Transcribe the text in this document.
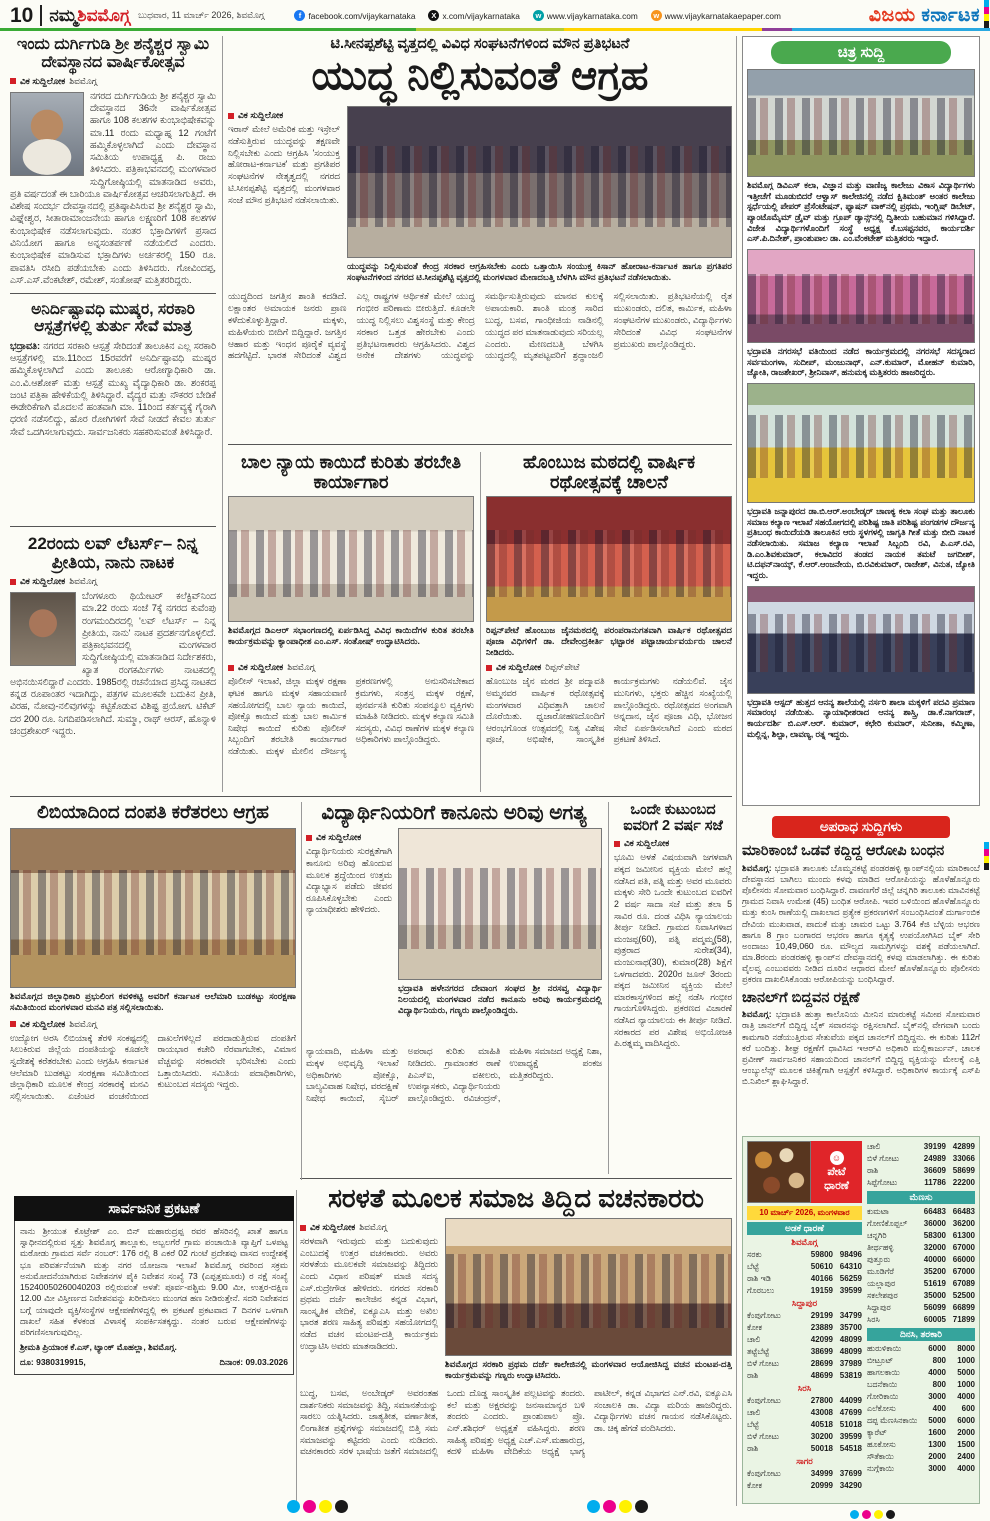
10 ನಮ್ಮಶಿವಮೊಗ್ಗ ಬುಧವಾರ, 11 ಮಾರ್ಚ್ 2026, ಶಿವಮೊಗ್ಗ	f facebook.com/vijaykarnataka	X x.com/vijaykarnataka	w www.vijaykarnataka.com	w www.vijaykarnatakaepaper.com	ವಿಜಯ ಕರ್ನಾಟಕ
ಇಂದು ದುರ್ಗಿಗುಡಿ ಶ್ರೀ ಶನೈಶ್ಚರ ಸ್ವಾಮಿ ದೇವಸ್ಥಾನದ ವಾರ್ಷಿಕೋತ್ಸವ
ವಿಕ ಸುದ್ದಿಲೋಕ ಶಿವಮೊಗ್ಗ
ನಗರದ ದುರ್ಗಿಗುಡಿಯ ಶ್ರೀ ಶನೈಶ್ಚರ ಸ್ವಾಮಿ ದೇವಸ್ಥಾನದ 36ನೇ ವಾರ್ಷಿಕೋತ್ಸವ ಹಾಗೂ 108 ಕಲಶಗಳ ಕುಂಭಾಭಿಷೇಕವನ್ನು ಮಾ.11 ರಂದು ಮಧ್ಯಾಹ್ನ 12 ಗಂಟೆಗೆ ಹಮ್ಮಿಕೊಳ್ಳಲಾಗಿದೆ ಎಂದು ದೇವಸ್ಥಾನ ಸಮಿತಿಯ ಉಪಾಧ್ಯಕ್ಷ ಪಿ. ರಾಜು ತಿಳಿಸಿದರು. ಪತ್ರಿಕಾಭವನದಲ್ಲಿ ಮಂಗಳವಾರ ಸುದ್ದಿಗೋಷ್ಠಿಯಲ್ಲಿ ಮಾತನಾಡಿದ ಅವರು, ಪ್ರತಿ ವರ್ಷದಂತೆ ಈ ಬಾರಿಯೂ ವಾರ್ಷಿಕೋತ್ಸವ ಆಚರಿಸಲಾಗುತ್ತಿದೆ. ಈ ವಿಶೇಷ ಸಂದರ್ಭ ದೇವಸ್ಥಾನದಲ್ಲಿ ಪ್ರತಿಷ್ಠಾಪಿಸಿರುವ ಶ್ರೀ ಶನೈಶ್ಚರ ಸ್ವಾಮಿ, ವಿಘ್ನೇಶ್ವರ, ಸೀತಾರಾಮಾಂಜನೇಯ ಹಾಗೂ ಲಕ್ಷ್ಮಣರಿಗೆ 108 ಕಲಶಗಳ ಕುಂಭಾಭಿಷೇಕ ನಡೆಸಲಾಗುವುದು. ನಂತರ ಭಕ್ತಾದಿಗಳಿಗೆ ಪ್ರಸಾದ ವಿನಿಯೋಗ ಹಾಗೂ ಅನ್ನಸಂತರ್ಪಣೆ ನಡೆಯಲಿದೆ ಎಂದರು. ಕುಂಭಾಭಿಷೇಕ ಮಾಡಿಸುವ ಭಕ್ತಾದಿಗಳು ಅರ್ಚಕರಲ್ಲಿ 150 ರೂ. ಪಾವತಿಸಿ ರಸೀದಿ ಪಡೆಯಬೇಕು ಎಂದು ತಿಳಿಸಿದರು. ಗೋವಿಂದಪ್ಪ, ಎಸ್.ಎಸ್.ವೆಂಕಟೇಶ್, ರಮೇಶ್, ಸಂತೋಷ್ ಮತ್ತಿತರರಿದ್ದರು.
ಅನಿರ್ದಿಷ್ಟಾವಧಿ ಮುಷ್ಕರ, ಸರಕಾರಿ ಆಸ್ಪತ್ರೆಗಳಲ್ಲಿ ತುರ್ತು ಸೇವೆ ಮಾತ್ರ
ಭದ್ರಾವತಿ: ನಗರದ ಸರಕಾರಿ ಆಸ್ಪತ್ರೆ ಸೇರಿದಂತೆ ತಾಲೂಕಿನ ಎಲ್ಲ ಸರಕಾರಿ ಆಸ್ಪತ್ರೆಗಳಲ್ಲಿ ಮಾ.11ರಿಂದ 15ರವರೆಗೆ ಅನಿರ್ದಿಷ್ಟಾವಧಿ ಮುಷ್ಕರ ಹಮ್ಮಿಕೊಳ್ಳಲಾಗಿದೆ ಎಂದು ತಾಲೂಕು ಆರೋಗ್ಯಾಧಿಕಾರಿ ಡಾ. ಎಂ.ವಿ.ಆಶೋಕ್ ಮತ್ತು ಆಸ್ಪತ್ರೆ ಮುಖ್ಯ ವೈದ್ಯಾಧಿಕಾರಿ ಡಾ. ಶಂಕರಪ್ಪ ಜಂಟಿ ಪತ್ರಿಕಾ ಹೇಳಿಕೆಯಲ್ಲಿ ತಿಳಿಸಿದ್ದಾರೆ. ವೈದ್ಯರ ಮತ್ತು ನೌಕರರ ಬೇಡಿಕೆ ಈಡೇರಿಕೆಗಾಗಿ ಮೊದಲನೆ ಹಂತವಾಗಿ ಮಾ. 11ರಿಂದ ಕರ್ತವ್ಯಕ್ಕೆ ಗೈರಾಗಿ ಧರಣಿ ನಡೆಸಲಿದ್ದು, ಹೊರ ರೋಗಿಗಳಿಗೆ ಸೇವೆ ನೀಡದೆ ಕೇವಲ ತುರ್ತು ಸೇವೆ ಒದಗಿಸಲಾಗುವುದು. ಸಾರ್ವಜನಿಕರು ಸಹಕರಿಸುವಂತೆ ತಿಳಿಸಿದ್ದಾರೆ.
22ರಂದು ಲವ್ ಲೆಟರ್ಸ್– ನಿನ್ನ ಪ್ರೀತಿಯ, ನಾನು ನಾಟಕ
ವಿಕ ಸುದ್ದಿಲೋಕ ಶಿವಮೊಗ್ಗ
ಬೆಂಗಳೂರು ಥಿಯೇಟರ್ ಕಲೆಕ್ಟಿವ್‌ನಿಂದ ಮಾ.22 ರಂದು ಸಂಜೆ 7ಕ್ಕೆ ನಗರದ ಕುವೆಂಪು ರಂಗಮಂದಿರದಲ್ಲಿ 'ಲವ್ ಲೆಟರ್ಸ್ – ನಿನ್ನ ಪ್ರೀತಿಯ, ನಾನು' ನಾಟಕ ಪ್ರದರ್ಶನಗೊಳ್ಳಲಿದೆ. ಪತ್ರಿಕಾಭವನದಲ್ಲಿ ಮಂಗಳವಾರ ಸುದ್ದಿಗೋಷ್ಠಿಯಲ್ಲಿ ಮಾತನಾಡಿದ ನಿರ್ದೇಶಕರು, ಖ್ಯಾತ ರಂಗಕರ್ಮಿಗಳು ನಾಟಕದಲ್ಲಿ ಅಭಿನಯಿಸಲಿದ್ದಾರೆ ಎಂದರು. 1985ರಲ್ಲಿ ರಚನೆಯಾದ ಪ್ರಸಿದ್ಧ ನಾಟಕದ ಕನ್ನಡ ರೂಪಾಂತರ ಇದಾಗಿದ್ದು, ಪತ್ರಗಳ ಮೂಲಕವೇ ಬದುಕಿನ ಪ್ರೀತಿ, ವಿರಹ, ನೋವು-ನಲಿವುಗಳನ್ನು ಕಟ್ಟಿಕೊಡುವ ವಿಶಿಷ್ಟ ಪ್ರಯೋಗ. ಟಿಕೆಟ್ ದರ 200 ರೂ. ನಿಗದಿಪಡಿಸಲಾಗಿದೆ. ಸುಮ್ಮಾ, ರಾಥ್ ಆರಸ್, ಹೊನ್ನಾಳಿ ಚಂದ್ರಶೇಖರ್ ಇದ್ದರು.
ಟಿ.ಸೀನಪ್ಪಶೆಟ್ಟಿ ವೃತ್ತದಲ್ಲಿ ವಿವಿಧ ಸಂಘಟನೆಗಳಿಂದ ಮೌನ ಪ್ರತಿಭಟನೆ
ಯುದ್ಧ ನಿಲ್ಲಿಸುವಂತೆ ಆಗ್ರಹ
ವಿಕ ಸುದ್ದಿಲೋಕ
ಇರಾನ್ ಮೇಲೆ ಅಮೆರಿಕ ಮತ್ತು ಇಸ್ರೇಲ್ ನಡೆಸುತ್ತಿರುವ ಯುದ್ಧವನ್ನು ತಕ್ಷಣವೇ ನಿಲ್ಲಿಸಬೇಕು ಎಂದು ಆಗ್ರಹಿಸಿ 'ಸಂಯುಕ್ತ ಹೋರಾಟ-ಕರ್ನಾಟಕ' ಮತ್ತು ಪ್ರಗತಿಪರ ಸಂಘಟನೆಗಳ ನೇತೃತ್ವದಲ್ಲಿ ನಗರದ ಟಿ.ಸೀನಪ್ಪಶೆಟ್ಟಿ ವೃತ್ತದಲ್ಲಿ ಮಂಗಳವಾರ ಸಂಜೆ ಮೌನ ಪ್ರತಿಭಟನೆ ನಡೆಸಲಾಯಿತು.
ಯುದ್ಧವನ್ನು ನಿಲ್ಲಿಸುವಂತೆ ಕೇಂದ್ರ ಸರಕಾರ ಆಗ್ರಹಿಸಬೇಕು ಎಂದು ಒತ್ತಾಯಿಸಿ ಸಂಯುಕ್ತ ಕಿಸಾನ್ ಹೋರಾಟ-ಕರ್ನಾಟಕ ಹಾಗೂ ಪ್ರಗತಿಪರ ಸಂಘಟನೆಗಳಿಂದ ನಗರದ ಟಿ.ಸೀನಪ್ಪಶೆಟ್ಟಿ ವೃತ್ತದಲ್ಲಿ ಮಂಗಳವಾರ ಮೇಣದಬತ್ತಿ ಬೆಳಗಿಸಿ ಮೌನ ಪ್ರತಿಭಟನೆ ನಡೆಸಲಾಯಿತು.
ಯುದ್ಧದಿಂದ ಜಗತ್ತಿನ ಶಾಂತಿ ಕದಡಿದೆ. ಲಕ್ಷಾಂತರ ಅಮಾಯಕ ಜನರು ಪ್ರಾಣ ಕಳೆದುಕೊಳ್ಳುತ್ತಿದ್ದಾರೆ. ಮಕ್ಕಳು, ಮಹಿಳೆಯರು ಬೀದಿಗೆ ಬಿದ್ದಿದ್ದಾರೆ. ಜಗತ್ತಿನ ಆಹಾರ ಮತ್ತು ಇಂಧನ ಪೂರೈಕೆ ವ್ಯವಸ್ಥೆ ಹದಗೆಟ್ಟಿದೆ. ಭಾರತ ಸೇರಿದಂತೆ ವಿಶ್ವದ ಎಲ್ಲ ರಾಷ್ಟ್ರಗಳ ಆರ್ಥಿಕತೆ ಮೇಲೆ ಯುದ್ಧ ಗಂಭೀರ ಪರಿಣಾಮ ಬೀರುತ್ತಿದೆ. ಕೂಡಲೇ ಯುದ್ಧ ನಿಲ್ಲಿಸಲು ವಿಶ್ವಸಂಸ್ಥೆ ಮತ್ತು ಕೇಂದ್ರ ಸರಕಾರ ಒತ್ತಡ ಹೇರಬೇಕು ಎಂದು ಪ್ರತಿಭಟನಾಕಾರರು ಆಗ್ರಹಿಸಿದರು. ವಿಶ್ವದ ಅನೇಕ ದೇಶಗಳು ಯುದ್ಧವನ್ನು ಸಮರ್ಥಿಸುತ್ತಿರುವುದು ಮಾನವ ಕುಲಕ್ಕೆ ಅಪಾಯಕಾರಿ. ಶಾಂತಿ ಮಂತ್ರ ಸಾರಿದ ಬುದ್ಧ, ಬಸವ, ಗಾಂಧೀಜಿಯ ನಾಡಿನಲ್ಲಿ ಯುದ್ಧದ ಪರ ಮಾತನಾಡುವುದು ಸರಿಯಲ್ಲ ಎಂದರು. ಮೇಣದಬತ್ತಿ ಬೆಳಗಿಸಿ ಯುದ್ಧದಲ್ಲಿ ಮೃತಪಟ್ಟವರಿಗೆ ಶ್ರದ್ಧಾಂಜಲಿ ಸಲ್ಲಿಸಲಾಯಿತು. ಪ್ರತಿಭಟನೆಯಲ್ಲಿ ರೈತ ಮುಖಂಡರು, ದಲಿತ, ಕಾರ್ಮಿಕ, ಮಹಿಳಾ ಸಂಘಟನೆಗಳ ಮುಖಂಡರು, ವಿದ್ಯಾರ್ಥಿಗಳು ಸೇರಿದಂತೆ ವಿವಿಧ ಸಂಘಟನೆಗಳ ಪ್ರಮುಖರು ಪಾಲ್ಗೊಂಡಿದ್ದರು.
ಬಾಲ ನ್ಯಾಯ ಕಾಯಿದೆ ಕುರಿತು ತರಬೇತಿ ಕಾರ್ಯಾಗಾರ
ಶಿವಮೊಗ್ಗದ ಡಿಎಆರ್ ಸಭಾಂಗಣದಲ್ಲಿ ಏರ್ಪಡಿಸಿದ್ದ ವಿವಿಧ ಕಾಯಿದೆಗಳ ಕುರಿತ ತರಬೇತಿ ಕಾರ್ಯಕ್ರಮವನ್ನು ಕ್ಯಾಂಪಾಧೀಶ ಎಂ.ಎಸ್. ಸಂತೋಷ್ ಉದ್ಘಾಟಿಸಿದರು.
ವಿಕ ಸುದ್ದಿಲೋಕ ಶಿವಮೊಗ್ಗ
ಪೊಲೀಸ್ ಇಲಾಖೆ, ಜಿಲ್ಲಾ ಮಕ್ಕಳ ರಕ್ಷಣಾ ಘಟಕ ಹಾಗೂ ಮಕ್ಕಳ ಸಹಾಯವಾಣಿ ಸಹಯೋಗದಲ್ಲಿ ಬಾಲ ನ್ಯಾಯ ಕಾಯಿದೆ, ಪೋಕ್ಸೊ ಕಾಯಿದೆ ಮತ್ತು ಬಾಲ ಕಾರ್ಮಿಕ ನಿಷೇಧ ಕಾಯಿದೆ ಕುರಿತು ಪೊಲೀಸ್ ಸಿಬ್ಬಂದಿಗೆ ತರಬೇತಿ ಕಾರ್ಯಾಗಾರ ನಡೆಯಿತು. ಮಕ್ಕಳ ಮೇಲಿನ ದೌರ್ಜನ್ಯ ಪ್ರಕರಣಗಳಲ್ಲಿ ಅನುಸರಿಸಬೇಕಾದ ಕ್ರಮಗಳು, ಸಂತ್ರಸ್ತ ಮಕ್ಕಳ ರಕ್ಷಣೆ, ಪುನರ್ವಸತಿ ಕುರಿತು ಸಂಪನ್ಮೂಲ ವ್ಯಕ್ತಿಗಳು ಮಾಹಿತಿ ನೀಡಿದರು. ಮಕ್ಕಳ ಕಲ್ಯಾಣ ಸಮಿತಿ ಸದಸ್ಯರು, ವಿವಿಧ ಠಾಣೆಗಳ ಮಕ್ಕಳ ಕಲ್ಯಾಣ ಅಧಿಕಾರಿಗಳು ಪಾಲ್ಗೊಂಡಿದ್ದರು.
ಹೊಂಬುಜ ಮಠದಲ್ಲಿ ವಾರ್ಷಿಕ ರಥೋತ್ಸವಕ್ಕೆ ಚಾಲನೆ
ರಿಪ್ಪನ್‌ಪೇಟೆ ಹೊಂಬುಜ ಜೈನಮಠದಲ್ಲಿ ಪರಂಪರಾನುಗತವಾಗಿ ವಾರ್ಷಿಕ ರಥೋತ್ಸವದ ಪೂಜಾ ವಿಧಿಗಳಿಗೆ ಡಾ. ದೇವೇಂದ್ರಕೀರ್ತಿ ಭಟ್ಟಾರಕ ಪಟ್ಟಾಚಾರ್ಯವರ್ಯರು ಚಾಲನೆ ನೀಡಿದರು.
ವಿಕ ಸುದ್ದಿಲೋಕ ರಿಪ್ಪನ್‌ಪೇಟೆ
ಹೊಂಬುಜ ಜೈನ ಮಠದ ಶ್ರೀ ಪದ್ಮಾವತಿ ಅಮ್ಮನವರ ವಾರ್ಷಿಕ ರಥೋತ್ಸವಕ್ಕೆ ಮಂಗಳವಾರ ವಿಧಿವತ್ತಾಗಿ ಚಾಲನೆ ದೊರೆಯಿತು. ಧ್ವಜಾರೋಹಣದೊಂದಿಗೆ ಆರಂಭಗೊಂಡ ಉತ್ಸವದಲ್ಲಿ ನಿತ್ಯ ವಿಶೇಷ ಪೂಜೆ, ಅಭಿಷೇಕ, ಸಾಂಸ್ಕೃತಿಕ ಕಾರ್ಯಕ್ರಮಗಳು ನಡೆಯಲಿವೆ. ಜೈನ ಮುನಿಗಳು, ಭಕ್ತರು ಹೆಚ್ಚಿನ ಸಂಖ್ಯೆಯಲ್ಲಿ ಪಾಲ್ಗೊಂಡಿದ್ದರು. ರಥೋತ್ಸವದ ಅಂಗವಾಗಿ ಅನ್ನದಾನ, ಜೈನ ಪೂಜಾ ವಿಧಿ, ಭೋಜನ ಸೇವೆ ಏರ್ಪಡಿಸಲಾಗಿದೆ ಎಂದು ಮಠದ ಪ್ರಕಟಣೆ ತಿಳಿಸಿದೆ.
ಲಿಬಿಯಾದಿಂದ ದಂಪತಿ ಕರೆತರಲು ಆಗ್ರಹ
ಶಿವಮೊಗ್ಗದ ಜಿಲ್ಲಾಧಿಕಾರಿ ಪ್ರಭುಲಿಂಗ ಕವಳಿಕಟ್ಟಿ ಅವರಿಗೆ ಕರ್ನಾಟಕ ಆಲೆಮಾರಿ ಬುಡಕಟ್ಟು ಸಂರಕ್ಷಣಾ ಸಮಿತಿಯಿಂದ ಮಂಗಳವಾರ ಮನವಿ ಪತ್ರ ಸಲ್ಲಿಸಲಾಯಿತು.
ವಿಕ ಸುದ್ದಿಲೋಕ ಶಿವಮೊಗ್ಗ
ಉದ್ಯೋಗ ಅರಸಿ ಲಿಬಿಯಾಕ್ಕೆ ತೆರಳಿ ಸಂಕಷ್ಟದಲ್ಲಿ ಸಿಲುಕಿರುವ ಜಿಲ್ಲೆಯ ದಂಪತಿಯನ್ನು ಕೂಡಲೇ ಸ್ವದೇಶಕ್ಕೆ ಕರೆತರಬೇಕು ಎಂದು ಆಗ್ರಹಿಸಿ ಕರ್ನಾಟಕ ಆಲೆಮಾರಿ ಬುಡಕಟ್ಟು ಸಂರಕ್ಷಣಾ ಸಮಿತಿಯಿಂದ ಜಿಲ್ಲಾಧಿಕಾರಿ ಮೂಲಕ ಕೇಂದ್ರ ಸರಕಾರಕ್ಕೆ ಮನವಿ ಸಲ್ಲಿಸಲಾಯಿತು. ಏಜೆಂಟರ ವಂಚನೆಯಿಂದ ದಾಖಲೆಗಳಿಲ್ಲದೆ ಪರದಾಡುತ್ತಿರುವ ದಂಪತಿಗೆ ರಾಯಭಾರ ಕಚೇರಿ ನೆರವಾಗಬೇಕು, ವಿಮಾನ ವೆಚ್ಚವನ್ನು ಸರಕಾರವೇ ಭರಿಸಬೇಕು ಎಂದು ಒತ್ತಾಯಿಸಿದರು. ಸಮಿತಿಯ ಪದಾಧಿಕಾರಿಗಳು, ಕುಟುಂಬದ ಸದಸ್ಯರು ಇದ್ದರು.
ಸಾರ್ವಜನಿಕ ಪ್ರಕಟಣೆ
ನಾನು ಶ್ರೀಯುತ ಕೊಟ್ರೇಶ್ ಎಂ. ಬಿನ್ ಮಹಾರುದ್ರಪ್ಪ ರವರ ಹೆಸರಿನಲ್ಲಿ ಖಾತೆ ಹಾಗೂ ಸ್ವಾಧೀನದಲ್ಲಿರುವ ಸ್ವತ್ತು ಶಿವಮೊಗ್ಗ ತಾಲ್ಲೂಕು, ಅಬ್ಬಲಗೆರೆ ಗ್ರಾಮ ಪಂಚಾಯಿತಿ ವ್ಯಾಪ್ತಿಗೆ ಒಳಪಟ್ಟ ಮಠೋಡು ಗ್ರಾಮದ ಸರ್ವೆ ನಂಬರ್: 176 ರಲ್ಲಿ 8 ಎಕರೆ 02 ಗುಂಟೆ ಪ್ರದೇಶವು ವಾಸದ ಉದ್ದೇಶಕ್ಕೆ ಭೂ ಪರಿವರ್ತನೆಯಾಗಿ ಮತ್ತು ನಗರ ಯೋಜನಾ ಇಲಾಖೆ ಶಿವಮೊಗ್ಗ ರವರಿಂದ ಸಕ್ರಮ ಅನುಮೋದನೆಯಾಗಿರುವ ನಿವೇಶನಗಳ ಪೈಕಿ ನಿವೇಶನ ಸಂಖ್ಯೆ 73 (ಎಪ್ಪತ್ತಮೂರು) ರ ನಕ್ಷೆ ಸಂಖ್ಯೆ 15240050260040203 ರಲ್ಲಿರುವಂತೆ ಅಳತೆ: ಪೂರ್ವ-ಪಶ್ಚಿಮ 9.00 ಮೀ, ಉತ್ತರ-ದಕ್ಷಿಣ 12.00 ಮೀ ವಿಸ್ತೀರ್ಣದ ನಿವೇಶನವನ್ನು ಖರೀದಿಸಲು ಮುಂಗಡ ಹಣ ನೀಡಿರುತ್ತೇನೆ. ಸದರಿ ನಿವೇಶನದ ಬಗ್ಗೆ ಯಾವುದೇ ವ್ಯಕ್ತಿ/ಸಂಸ್ಥೆಗಳ ಆಕ್ಷೇಪಣೆಗಳಿದ್ದಲ್ಲಿ ಈ ಪ್ರಕಟಣೆ ಪ್ರಕಟವಾದ 7 ದಿನಗಳ ಒಳಗಾಗಿ ದಾಖಲೆ ಸಹಿತ ಕೆಳಕಂಡ ವಿಳಾಸಕ್ಕೆ ಸಂಪರ್ಕಿಸತಕ್ಕದ್ದು. ನಂತರ ಬರುವ ಆಕ್ಷೇಪಣೆಗಳನ್ನು ಪರಿಗಣಿಸಲಾಗುವುದಿಲ್ಲ.
ಶ್ರೀಮತಿ ಪ್ರಿಯಾಂಕ ಕೆ.ಎಸ್, ಟ್ಯಾಂಕ್ ಮೊಹಲ್ಲಾ, ಶಿವಮೊಗ್ಗ.
ದೂ: 9380319915,	ದಿನಾಂಕ: 09.03.2026
ವಿದ್ಯಾರ್ಥಿನಿಯರಿಗೆ ಕಾನೂನು ಅರಿವು ಅಗತ್ಯ
ವಿಕ ಸುದ್ದಿಲೋಕ
ವಿದ್ಯಾರ್ಥಿನಿಯರು ಸುರಕ್ಷತೆಗಾಗಿ ಕಾನೂನು ಅರಿವು ಹೊಂದುವ ಮೂಲಕ ಶ್ರದ್ಧೆಯಿಂದ ಉತ್ತಮ ವಿದ್ಯಾಭ್ಯಾಸ ಪಡೆದು ಜೀವನ ರೂಪಿಸಿಕೊಳ್ಳಬೇಕು ಎಂದು ನ್ಯಾಯಾಧೀಶರು ಹೇಳಿದರು.
ಭದ್ರಾವತಿ ಹಳೇನಗರದ ದೇವಾಂಗ ಸಂಘದ ಶ್ರೀ ನರಸವ್ವ ವಿದ್ಯಾರ್ಥಿ ನಿಲಯದಲ್ಲಿ ಮಂಗಳವಾರ ನಡೆದ ಕಾನೂನು ಅರಿವು ಕಾರ್ಯಕ್ರಮದಲ್ಲಿ ವಿದ್ಯಾರ್ಥಿನಿಯರು, ಗಣ್ಯರು ಪಾಲ್ಗೊಂಡಿದ್ದರು.
ನ್ಯಾಯವಾದಿ, ಮಹಿಳಾ ಮತ್ತು ಮಕ್ಕಳ ಅಭಿವೃದ್ಧಿ ಇಲಾಖೆ ಅಧಿಕಾರಿಗಳು ಪೋಕ್ಸೊ, ಬಾಲ್ಯವಿವಾಹ ನಿಷೇಧ, ವರದಕ್ಷಿಣೆ ನಿಷೇಧ ಕಾಯಿದೆ, ಸೈಬರ್ ಅಪರಾಧ ಕುರಿತು ಮಾಹಿತಿ ನೀಡಿದರು. ಗ್ರಾಮಾಂತರ ಠಾಣೆ ಪಿಎಸ್‌ಐ, ವಕೀಲರು, ಉಪನ್ಯಾಸಕರು, ವಿದ್ಯಾರ್ಥಿನಿಯರು ಪಾಲ್ಗೊಂಡಿದ್ದರು. ರವಿಚಂದ್ರನ್, ಮಹಿಳಾ ಸಮಾಜದ ಅಧ್ಯಕ್ಷೆ ನಿಶಾ, ಉಪಾಧ್ಯಕ್ಷೆ ಪಂಕಜ ಮತ್ತಿತರರಿದ್ದರು.
ಒಂದೇ ಕುಟುಂಬದ ಐವರಿಗೆ 2 ವರ್ಷ ಸಜೆ
ವಿಕ ಸುದ್ದಿಲೋಕ
ಭೂಮಿ ಅಳತೆ ವಿಷಯವಾಗಿ ಜಗಳವಾಗಿ ಪಕ್ಕದ ಜಮೀನಿನ ವ್ಯಕ್ತಿಯ ಮೇಲೆ ಹಲ್ಲೆ ನಡೆಸಿದ ಪತಿ, ಪತ್ನಿ ಮತ್ತು ಅವರ ಮೂವರು ಮಕ್ಕಳು ಸೇರಿ ಒಂದೇ ಕುಟುಂಬದ ಐವರಿಗೆ 2 ವರ್ಷ ಸಾದಾ ಸಜೆ ಮತ್ತು ತಲಾ 5 ಸಾವಿರ ರೂ. ದಂಡ ವಿಧಿಸಿ ನ್ಯಾಯಾಲಯ ತೀರ್ಪು ನೀಡಿದೆ. ಗ್ರಾಮದ ನಿವಾಸಿಗಳಾದ ಮಂಜಪ್ಪ(60), ಪತ್ನಿ ಪದ್ಮಮ್ಮ(58), ಪುತ್ರರಾದ ಸುರೇಶ(34), ಮಂಜುನಾಥ(30), ಕುಮಾರ(28) ಶಿಕ್ಷೆಗೆ ಒಳಗಾದವರು. 2020ರ ಜೂನ್ 3ರಂದು ಪಕ್ಕದ ಜಮೀನಿನ ವ್ಯಕ್ತಿಯ ಮೇಲೆ ಮಾರಕಾಸ್ತ್ರಗಳಿಂದ ಹಲ್ಲೆ ನಡೆಸಿ ಗಂಭೀರ ಗಾಯಗೊಳಿಸಿದ್ದರು. ಪ್ರಕರಣದ ವಿಚಾರಣೆ ನಡೆಸಿದ ನ್ಯಾಯಾಲಯ ಈ ತೀರ್ಪು ನೀಡಿದೆ. ಸರಕಾರದ ಪರ ವಿಶೇಷ ಅಭಿಯೋಜಕಿ ಪಿ.ರತ್ನಮ್ಮ ವಾದಿಸಿದ್ದರು.
ಸರಳತೆ ಮೂಲಕ ಸಮಾಜ ತಿದ್ದಿದ ವಚನಕಾರರು
ವಿಕ ಸುದ್ದಿಲೋಕ ಶಿವಮೊಗ್ಗ
ಸರಳವಾಗಿ ಇರುವುದು ಮತ್ತು ಬದುಕುವುದು ಎಂಬುದಕ್ಕೆ ಉತ್ತರ ವಚನಕಾರರು. ಅವರು ಸರಳತೆಯ ಮೂಲಕವೇ ಸಮಾಜವನ್ನು ತಿದ್ದಿದರು ಎಂದು ವಿಧಾನ ಪರಿಷತ್ ಮಾಜಿ ಸದಸ್ಯ ಎಸ್.ರುದ್ರೇಗೌಡ ಹೇಳಿದರು. ನಗರದ ಸರಕಾರಿ ಪ್ರಥಮ ದರ್ಜೆ ಕಾಲೇಜಿನ ಕನ್ನಡ ವಿಭಾಗ, ಸಾಂಸ್ಕೃತಿಕ ವೇದಿಕೆ, ಐಕ್ಯೂಎಸಿ ಮತ್ತು ಅಖಿಲ ಭಾರತ ಶರಣ ಸಾಹಿತ್ಯ ಪರಿಷತ್ತು ಸಹಯೋಗದಲ್ಲಿ ನಡೆದ ವಚನ ಮಂಟಪ-ದತ್ತಿ ಕಾರ್ಯಕ್ರಮ ಉದ್ಘಾಟಿಸಿ ಅವರು ಮಾತನಾಡಿದರು.
ಶಿವಮೊಗ್ಗದ ಸರಕಾರಿ ಪ್ರಥಮ ದರ್ಜೆ ಕಾಲೇಜಿನಲ್ಲಿ ಮಂಗಳವಾರ ಆಯೋಜಿಸಿದ್ದ ವಚನ ಮಂಟಪ-ದತ್ತಿ ಕಾರ್ಯಕ್ರಮವನ್ನು ಗಣ್ಯರು ಉದ್ಘಾಟಿಸಿದರು.
ಬುದ್ಧ, ಬಸವ, ಅಂಬೇಡ್ಕರ್ ಅವರಂತಹ ದಾರ್ಶನಿಕರು ಸಮಾಜವನ್ನು ತಿದ್ದಿ, ಸಮಾನತೆಯನ್ನು ಸಾರಲು ಯತ್ನಿಸಿದರು. ಜಾತ್ಯತೀತ, ವರ್ಣಾತೀತ, ಲಿಂಗಾತೀತ ಪ್ರಶ್ನೆಗಳನ್ನು ಸಮಾಜದಲ್ಲಿ ಬಿತ್ತಿ ಸಮ ಸಮಾಜವನ್ನು ಕಟ್ಟಿದರು ಎಂದು ನುಡಿದರು. ವಚನಕಾರರು ಸರಳ ಭಾಷೆಯ ಜತೆಗೆ ಸಮಾಜದಲ್ಲಿ ಒಂದು ದೊಡ್ಡ ಸಾಂಸ್ಕೃತಿಕ ಪಲ್ಲಟವನ್ನು ತಂದರು. ಕಲೆ ಮತ್ತು ಅಕ್ಷರವನ್ನು ಜನಸಾಮಾನ್ಯರ ಬಳಿ ತಂದರು ಎಂದರು. ಪ್ರಾಂಶುಪಾಲ ಪ್ರೊ. ಎನ್.ಶಶಿಧರ್ ಅಧ್ಯಕ್ಷತೆ ವಹಿಸಿದ್ದರು. ಶರಣ ಸಾಹಿತ್ಯ ಪರಿಷತ್ತು ಅಧ್ಯಕ್ಷ ಎಚ್.ಎಸ್.ಮಹಾರುದ್ರ, ಕದಳಿ ಮಹಿಳಾ ವೇದಿಕೆಯ ಅಧ್ಯಕ್ಷೆ ಭಾಗ್ಯ ಪಾಟೀಲ್, ಕನ್ನಡ ವಿಭಾಗದ ಎನ್.ರವಿ, ಐಕ್ಯೂಎಸಿ ಸಂಚಾಲಕಿ ಡಾ. ವಿದ್ಯಾ ಮರಿಯ ಹಾಜರಿದ್ದರು. ವಿದ್ಯಾರ್ಥಿಗಳು ವಚನ ಗಾಯನ ನಡೆಸಿಕೊಟ್ಟರು. ಡಾ. ಚಿಕ್ಕ ಹೆಗಡೆ ವಂದಿಸಿದರು.
ಚಿತ್ರ ಸುದ್ದಿ
ಶಿವಮೊಗ್ಗ ಡಿವಿಎಸ್ ಕಲಾ, ವಿಜ್ಞಾನ ಮತ್ತು ವಾಣಿಜ್ಯ ಕಾಲೇಜು ವಿಕಾಸ ವಿದ್ಯಾರ್ಥಿಗಳು ಇತ್ತೀಚೆಗೆ ಮೂಡುಬಿದರೆ ಆಳ್ವಾಸ್ ಕಾಲೇಜಿನಲ್ಲಿ ನಡೆದ ಕ್ಷಿತಿಮಂತ್ ಅಂತರ ಕಾಲೇಜು ಸ್ಪರ್ಧೆಯಲ್ಲಿ ಪೇಪರ್ ಪ್ರೆಸೆಂಟೇಷನ್, ಫ್ಯಾಷನ್ ವಾಕ್‌ನಲ್ಲಿ ಪ್ರಥಮ, ಇಂಗ್ಲಿಷ್ ಡಿಬೇಟ್, ಪ್ಯಾಂಟೊಮೈಮ್ ಡ್ರೈವ್ ಮತ್ತು ಗ್ರೂಪ್ ಡ್ಯಾನ್ಸ್‌ನಲ್ಲಿ ದ್ವಿತೀಯ ಬಹುಮಾನ ಗಳಿಸಿದ್ದಾರೆ. ವಿಜೇತ ವಿದ್ಯಾರ್ಥಿಗಳೊಂದಿಗೆ ಸಂಸ್ಥೆ ಅಧ್ಯಕ್ಷ ಕೆ.ಬಸಪ್ಪನವರ, ಕಾರ್ಯದರ್ಶಿ ಎಸ್.ಪಿ.ದಿನೇಶ್, ಪ್ರಾಂಶುಪಾಲ ಡಾ. ಎಂ.ವೆಂಕಟೇಶ್ ಮತ್ತಿತರರು ಇದ್ದಾರೆ.
ಭದ್ರಾವತಿ ನಗರಸಭೆ ವತಿಯಿಂದ ನಡೆದ ಕಾರ್ಯಕ್ರಮದಲ್ಲಿ ನಗರಸಭೆ ಸದಸ್ಯರಾದ ಸರ್ವಮಂಗಳಾ, ಸುದೀಪ್, ಮಂಜುನಾಥ್, ಎನ್.ಕುಮಾರ್, ಮೋಹನ್ ಕುಮಾರಿ, ಜ್ಯೋತಿ, ರಾಜಶೇಖರ್, ಶ್ರೀನಿವಾಸ್, ಹನುಮಕ್ಕ ಮತ್ತಿತರರು ಹಾಜರಿದ್ದರು.
ಭದ್ರಾವತಿ ಜನ್ನಾಪುರದ ಡಾ.ಬಿ.ಆರ್.ಅಂಬೇಡ್ಕರ್ ಚಾಣಕ್ಯ ಕಲಾ ಸಂಘ ಮತ್ತು ತಾಲೂಕು ಸಮಾಜ ಕಲ್ಯಾಣ ಇಲಾಖೆ ಸಹಯೋಗದಲ್ಲಿ ಪರಿಶಿಷ್ಟ ಜಾತಿ ಪರಿಶಿಷ್ಟ ಪಂಗಡಗಳ ದೌರ್ಜನ್ಯ ಪ್ರತಿಬಂಧ ಕಾಯಿದೆಯಡಿ ತಾಲೂಕಿನ ಆರು ಸ್ಥಳಗಳಲ್ಲಿ ಜಾಗೃತಿ ಗೀತೆ ಮತ್ತು ಬೀದಿ ನಾಟಕ ನಡೆಸಲಾಯಿತು. ಸಮಾಜ ಕಲ್ಯಾಣ ಇಲಾಖೆ ಸಿಬ್ಬಂದಿ ರವಿ, ಪಿ.ಎಸ್.ರವಿ, ಡಿ.ಎಂ.ಶಿವಕುಮಾರ್, ಕಲಾವಿದರ ತಂಡದ ನಾಯಕ ತಮಟೆ ಜಗದೀಶ್, ಟಿ.ದಫನ್‌ನಾಯ್ಕ್, ಕೆ.ಆರ್.ಆಂಜನೇಯ, ಬಿ.ರವಿಕುಮಾರ್, ರಾಜೇಶ್, ವಿನುತ, ಜ್ಯೋತಿ ಇದ್ದರು.
ಭದ್ರಾವತಿ ಆಸ್ಪದ್ ಹುತ್ತದ ಆನನ್ಯ ಶಾಲೆಯಲ್ಲಿ ನರ್ಸರಿ ಶಾಲಾ ಮಕ್ಕಳಿಗೆ ಪದವಿ ಪ್ರಮಾಣ ಸಮಾರಂಭ ನಡೆಯಿತು. ನ್ಯಾಯಾಧೀಶರಾದ ಆನನ್ಯ ಶಾಸ್ತ್ರಿ, ಡಾ.ಕೆ.ನಾಗರಾಜ್, ಕಾರ್ಯದರ್ಶಿ ಬಿ.ಎಸ್.ಆರ್. ಕುಮಾರ್, ಕಛೇರಿ ಕುಮಾರ್, ಸುನೀತಾ, ಕಮ್ಮಿಣಾ, ಮಲ್ಲಿನ್ನ, ಶಿಲ್ಪಾ, ಲಾವಣ್ಯ, ರತ್ನ ಇದ್ದರು.
ಅಪರಾಧ ಸುದ್ದಿಗಳು
ಮಾರಿಕಾಂಬೆ ಒಡವೆ ಕದ್ದಿದ್ದ ಆರೋಪಿ ಬಂಧನ
ಶಿವಮೊಗ್ಗ: ಭದ್ರಾವತಿ ತಾಲೂಕು ಬೊಮ್ಮನಕಟ್ಟೆ ಪಂಡರಹಳ್ಳಿ ಕ್ಯಾಂಪ್‌ನಲ್ಲಿಯ ಮಾರಿಕಾಂಬೆ ದೇವಸ್ಥಾನದ ಬಾಗಿಲು ಮುಂದು ಕಳವು ಮಾಡಿದ ಆರೋಪಿಯನ್ನು ಹೊಳೆಹೊನ್ನೂರು ಪೊಲೀಸರು ಸೋಮವಾರ ಬಂಧಿಸಿದ್ದಾರೆ. ದಾವಣಗೆರೆ ಜಿಲ್ಲೆ ಚನ್ನಗಿರಿ ತಾಲೂಕು ಮಾವಿನಕಟ್ಟೆ ಗ್ರಾಮದ ನಿವಾಸಿ ಉಮೇಶ (45) ಬಂಧಿತ ಆರೋಪಿ. ಇವರ ಬಳಿಯಿಂದ ಹೊಳೆಹೊನ್ನೂರು ಮತ್ತು ಕುಂಸಿ ಠಾಣೆಯಲ್ಲಿ ದಾಖಲಾದ ಪ್ರತ್ಯೇಕ ಪ್ರಕರಣಗಳಿಗೆ ಸಂಬಂಧಿಸಿದಂತೆ ದುರ್ಗಾಂಬಿಕ ದೇವಿಯ ಮುಖವಾಡ, ಪಾದುಕೆ ಮತ್ತು ಚಾಮರ ಒಟ್ಟು 3.764 ಕೆಜಿ ಬೆಳ್ಳಿಯ ಆಭರಣ ಹಾಗೂ 8 ಗ್ರಾಂ ಬಂಗಾರದ ಆಭರಣ ಹಾಗೂ ಕೃತ್ಯಕ್ಕೆ ಉಪಯೋಗಿಸಿದ ಬೈಕ್ ಸೇರಿ ಅಂದಾಜು 10,49,060 ರೂ. ಮೌಲ್ಯದ ಸಾಮಗ್ರಿಗಳನ್ನು ವಶಕ್ಕೆ ಪಡೆಯಲಾಗಿದೆ. ಮಾ.8ರಂದು ಪಂಡರಹಳ್ಳಿ ಕ್ಯಾಂಪ್‌ನ ದೇವಸ್ಥಾನದಲ್ಲಿ ಕಳವು ಮಾಡಲಾಗಿತ್ತು. ಈ ಕುರಿತು ವೈಲವ್ವ ಎಂಬುವವರು ನೀಡಿದ ದೂರಿನ ಆಧಾರದ ಮೇಲೆ ಹೊಳೆಹೊನ್ನೂರು ಪೊಲೀಸರು ಪ್ರಕರಣ ದಾಖಲಿಸಿಕೊಂಡು ಆರೋಪಿಯನ್ನು ಬಂಧಿಸಿದ್ದಾರೆ.
ಚಾನಲ್‌ಗೆ ಬಿದ್ದವನ ರಕ್ಷಣೆ
ಶಿವಮೊಗ್ಗ: ಭದ್ರಾವತಿ ಹುತ್ತಾ ಕಾಲೊನಿಯ ಮೀನಿನ ಮಾರುಕಟ್ಟೆ ಸಮೀಪ ಸೋಮವಾರ ರಾತ್ರಿ ಚಾನಲ್‌ಗೆ ಬಿದ್ದಿದ್ದ ಬೈಕ್ ಸವಾರನನ್ನು ರಕ್ಷಿಸಲಾಗಿದೆ. ಬೈಕ್‌ನಲ್ಲಿ ವೇಗವಾಗಿ ಬಂದು ಕಾಮಗಾರಿ ನಡೆಯುತ್ತಿರುವ ಸೇತುವೆಯ ಪಕ್ಕದ ಚಾನಲ್‌ಗೆ ಬಿದ್ದಿದ್ದನು. ಈ ಕುರಿತು 112ಗೆ ಕರೆ ಬಂದಿತ್ತು. ಶೀಘ್ರ ರಕ್ಷಣೆಗೆ ಧಾವಿಸಿದ ಇಆರ್‌ವಿ ಅಧಿಕಾರಿ ಮಲ್ಲಿಕಾರ್ಜುನ್, ಚಾಲಕ ಪ್ರವೀಣ್ ಸಾರ್ವಜನಿಕರ ಸಹಾಯದಿಂದ ಚಾನಲ್‌ಗೆ ಬಿದ್ದಿದ್ದ ವ್ಯಕ್ತಿಯನ್ನು ಮೇಲಕ್ಕೆ ಎತ್ತಿ ಆಂಬ್ಯುಲೆನ್ಸ್ ಮೂಲಕ ಚಿಕಿತ್ಸೆಗಾಗಿ ಆಸ್ಪತ್ರೆಗೆ ಕಳಿಸಿದ್ದಾರೆ. ಅಧಿಕಾರಿಗಳ ಕಾರ್ಯಕ್ಕೆ ಎಸ್‌ಪಿ ಬಿ.ನಿಖಿಲ್ ಶ್ಲಾಘಿಸಿದ್ದಾರೆ.
☺
ಪೇಟೆ
ಧಾರಣೆ
10 ಮಾರ್ಚ್ 2026, ಮಂಗಳವಾರ
ಅಡಕೆ ಧಾರಣೆ
ಶಿವಮೊಗ್ಗ
ಸರಕು	59800 98496
ಬೆಟ್ಟೆ	50610 64310
ರಾಶಿ ಇಡಿ	40166 56259
ಗೊರಬಲು	19159 39599
ಸಿದ್ದಾಪುರ
ಕೆಂಪುಗೋಟು	29199 34799
ಕೋಕ	23889 35700
ಚಾಲಿ	42099 48099
ತಟ್ಟೆಬೆಟ್ಟೆ	38699 48099
ಬಿಳೆ ಗೋಟು	28699 37989
ರಾಶಿ	48699 53819
ಸಿರಸಿ
ಕೆಂಪುಗೋಟು	27800 44099
ಚಾಲಿ	43008 47699
ಬೆಟ್ಟೆ	40518 51018
ಬಿಳೆ ಗೋಟು	30200 39599
ರಾಶಿ	50018 54518
ಸಾಗರ
ಕೆಂಪುಗೋಟು	34999 37699
ಕೋಕ	20999 34290
ಚಾಲಿ	39199 42899
ಬಿಳೆ ಗೋಟು	24989 33066
ರಾಶಿ	36609 58699
ಸಿಪ್ಪೆಗೋಟು	11786 22200
ಮೆಣಸು
ಕುಮಟಾ	66483 66483
ಗೋಣಿಕೊಪ್ಪಲ್	36000 36200
ಚನ್ನಗಿರಿ	58300 61300
ತೀರ್ಥಹಳ್ಳಿ	32000 67000
ಪುತ್ತೂರು	40000 66000
ಮೂಡಿಗೆರೆ	35200 67000
ಯಲ್ಲಾಪುರ	51619 67089
ಸಕಲೇಶಪುರ	35000 52500
ಸಿದ್ದಾಪುರ	56099 66899
ಸಿರಸಿ	60005 71899
ದಿನಸಿ, ತರಕಾರಿ
ಹುರುಳಿಕಾಯಿ	6000	8000
ಬೀಟ್ರೂಟ್	800	1000
ಹಾಗಲಕಾಯಿ	4000	5000
ಬದನೆಕಾಯಿ	800	1000
ಗೋರಿಕಾಯಿ	3000	4000
ಎಲೆಕೋಸು	400	600
ದಪ್ಪ ಮೆಣಸಿನಕಾಯಿ	5000	6000
ಕ್ಯಾರೆಟ್	1600	2000
ಹೂಕೋಸು	1300	1500
ಸೌತೆಕಾಯಿ	2000	2400
ನುಗ್ಗೆಕಾಯಿ	3000	4000
